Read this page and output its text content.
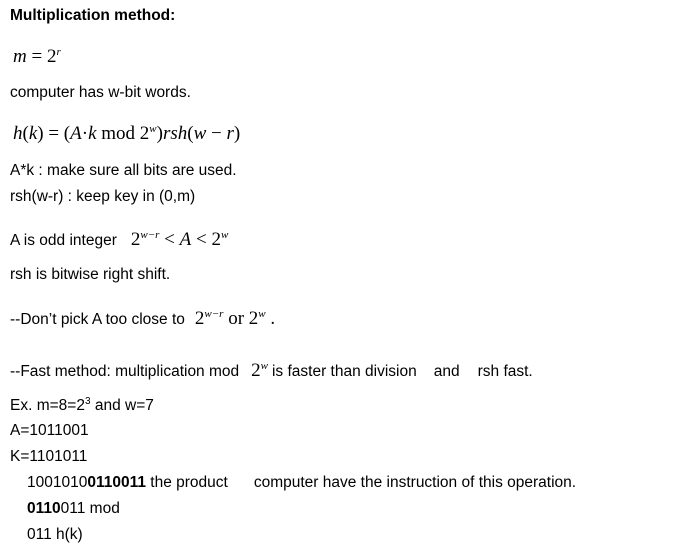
Multiplication method:
$m = 2^r$
computer has w-bit words.
h(k) = (A·k mod $2^w)rsh(w - r)$
A*k : make sure all bits are used.
rsh(w-r) : keep key in (0,m)
A is odd integer $2^{w-r} < A < 2^w$
rsh is bitwise right shift.
--Don’t pick A too close to $2^{w-r}$ or 2$^w$ .
--Fast method: multiplication mod 2$^w$ is faster than division and rsh fast.
Ex. $m=8=2^3$ and w=7
A=1011001
K=1101011
10010100110011 the product computer have the instruction of this operation.
0110011 mod
011 h(k)
